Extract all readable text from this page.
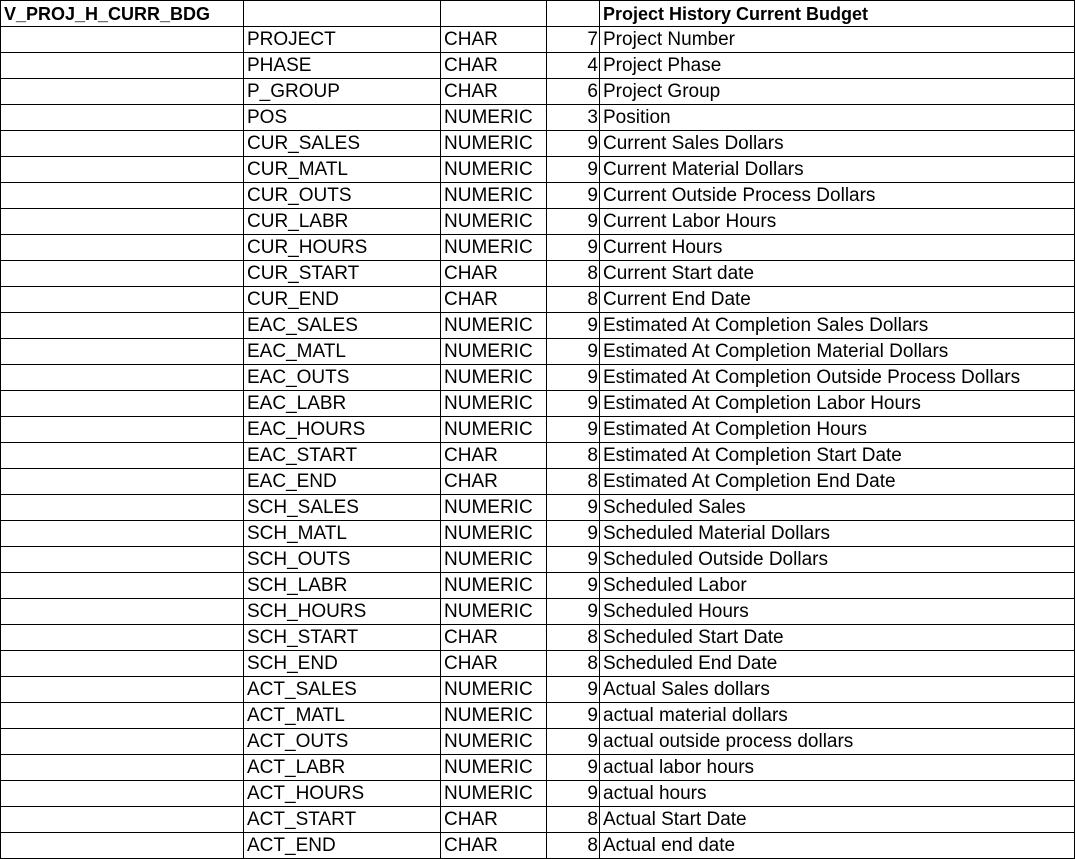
V_PROJ_H_CURR_BDG				Project History Current Budget
	PROJECT	CHAR	7	Project Number
	PHASE	CHAR	4	Project Phase
	P_GROUP	CHAR	6	Project Group
	POS	NUMERIC	3	Position
	CUR_SALES	NUMERIC	9	Current Sales Dollars
	CUR_MATL	NUMERIC	9	Current Material Dollars
	CUR_OUTS	NUMERIC	9	Current Outside Process Dollars
	CUR_LABR	NUMERIC	9	Current Labor Hours
	CUR_HOURS	NUMERIC	9	Current Hours
	CUR_START	CHAR	8	Current Start date
	CUR_END	CHAR	8	Current End Date
	EAC_SALES	NUMERIC	9	Estimated At Completion Sales Dollars
	EAC_MATL	NUMERIC	9	Estimated At Completion Material Dollars
	EAC_OUTS	NUMERIC	9	Estimated At Completion Outside Process Dollars
	EAC_LABR	NUMERIC	9	Estimated At Completion Labor Hours
	EAC_HOURS	NUMERIC	9	Estimated At Completion Hours
	EAC_START	CHAR	8	Estimated At Completion Start Date
	EAC_END	CHAR	8	Estimated At Completion End Date
	SCH_SALES	NUMERIC	9	Scheduled Sales
	SCH_MATL	NUMERIC	9	Scheduled Material Dollars
	SCH_OUTS	NUMERIC	9	Scheduled Outside Dollars
	SCH_LABR	NUMERIC	9	Scheduled Labor
	SCH_HOURS	NUMERIC	9	Scheduled Hours
	SCH_START	CHAR	8	Scheduled Start Date
	SCH_END	CHAR	8	Scheduled End Date
	ACT_SALES	NUMERIC	9	Actual Sales dollars
	ACT_MATL	NUMERIC	9	actual material dollars
	ACT_OUTS	NUMERIC	9	actual outside process dollars
	ACT_LABR	NUMERIC	9	actual labor hours
	ACT_HOURS	NUMERIC	9	actual hours
	ACT_START	CHAR	8	Actual Start Date
	ACT_END	CHAR	8	Actual end date
